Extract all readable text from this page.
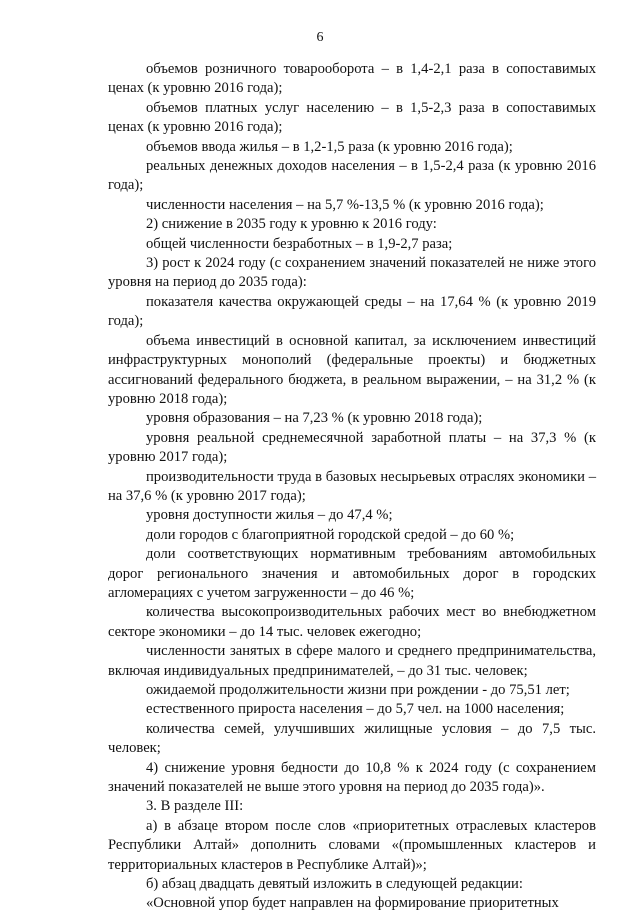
6

объемов розничного товарооборота – в 1,4-2,1 раза в сопоставимых ценах (к уровню 2016 года);

объемов платных услуг населению – в 1,5-2,3 раза в сопоставимых ценах (к уровню 2016 года);

объемов ввода жилья – в 1,2-1,5 раза (к уровню 2016 года);

реальных денежных доходов населения – в 1,5-2,4 раза (к уровню 2016 года);

численности населения – на 5,7 %-13,5 % (к уровню 2016 года);

2) снижение в 2035 году к уровню к 2016 году:

общей численности безработных – в 1,9-2,7 раза;

3) рост к 2024 году (с сохранением значений показателей не ниже этого уровня на период до 2035 года):

показателя качества окружающей среды – на 17,64 % (к уровню 2019 года);

объема инвестиций в основной капитал, за исключением инвестиций инфраструктурных монополий (федеральные проекты) и бюджетных ассигнований федерального бюджета, в реальном выражении, – на 31,2 % (к уровню 2018 года);

уровня образования – на 7,23 % (к уровню 2018 года);

уровня реальной среднемесячной заработной платы – на 37,3 % (к уровню 2017 года);

производительности труда в базовых несырьевых отраслях экономики – на 37,6 % (к уровню 2017 года);

уровня доступности жилья – до 47,4 %;

доли городов с благоприятной городской средой – до 60 %;

доли соответствующих нормативным требованиям автомобильных дорог регионального значения и автомобильных дорог в городских агломерациях с учетом загруженности – до 46 %;

количества высокопроизводительных рабочих мест во внебюджетном секторе экономики – до 14 тыс. человек ежегодно;

численности занятых в сфере малого и среднего предпринимательства, включая индивидуальных предпринимателей, – до 31 тыс. человек;

ожидаемой продолжительности жизни при рождении - до 75,51 лет;

естественного прироста населения – до 5,7 чел. на 1000 населения;

количества семей, улучшивших жилищные условия – до 7,5 тыс. человек;

4) снижение уровня бедности до 10,8 % к 2024 году (с сохранением значений показателей не выше этого уровня на период до 2035 года)».

3. В разделе III:

а) в абзаце втором после слов «приоритетных отраслевых кластеров Республики Алтай» дополнить словами «(промышленных кластеров и территориальных кластеров в Республике Алтай)»;

б) абзац двадцать девятый изложить в следующей редакции:

«Основной упор будет направлен на формирование приоритетных
